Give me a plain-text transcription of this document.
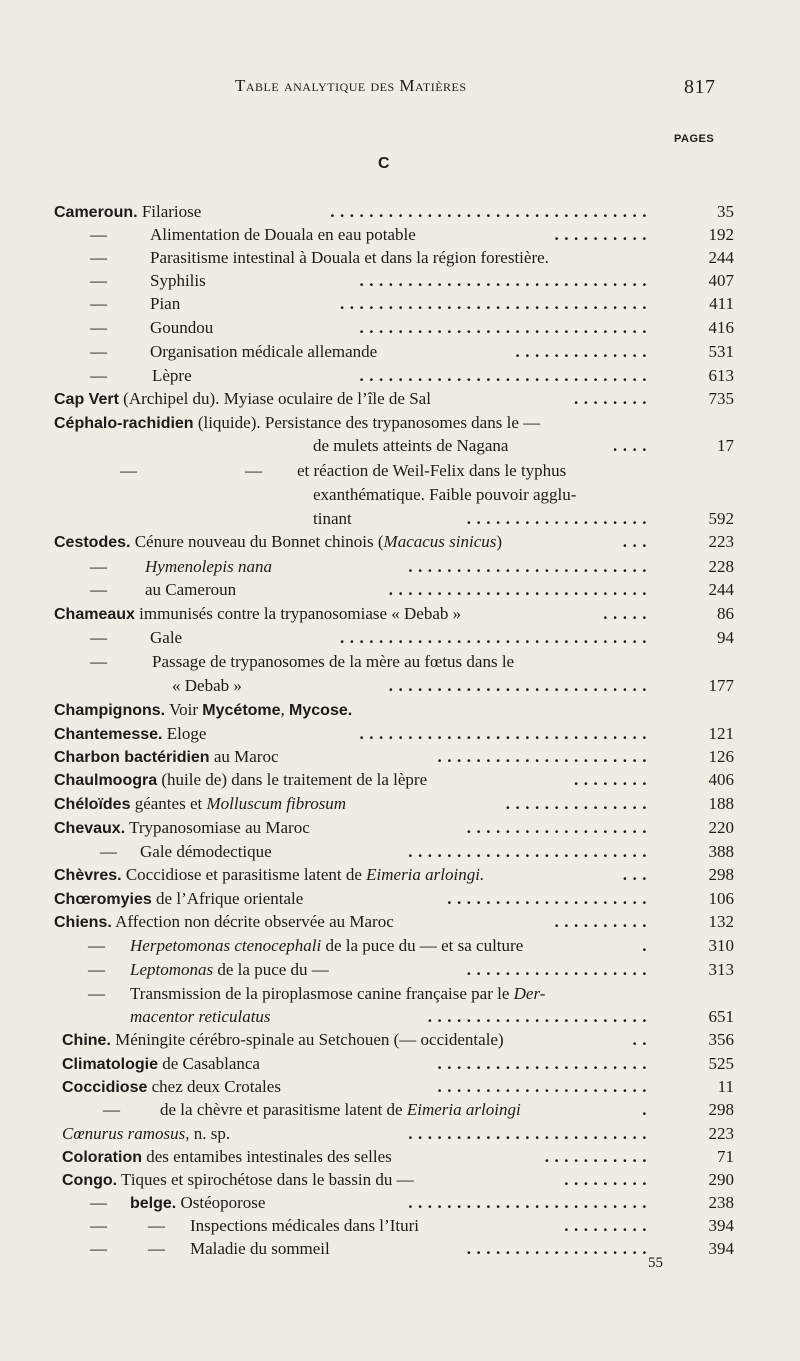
Table analytique des Matières	817
PAGES
C
Cameroun. Filariose	.................................	35
—	Alimentation de Douala en eau potable	..........	192
—	Parasitisme intestinal à Douala et dans la région forestière.	244
—	Syphilis	..............................	407
—	Pian	................................	411
—	Goundou	..............................	416
—	Organisation médicale allemande	..............	531
—	Lèpre	..............................	613
Cap Vert (Archipel du). Myiase oculaire de l’île de Sal	........	735
Céphalo-rachidien (liquide). Persistance des trypanosomes dans le —
de mulets atteints de Nagana	....	17
—	— et réaction de Weil-Felix dans le typhus
exanthématique. Faible pouvoir agglu-
tinant	...................	592
Cestodes. Cénure nouveau du Bonnet chinois (Macacus sinicus)	...	223
— Hymenolepis nana	.........................	228
— au Cameroun	...........................	244
Chameaux immunisés contre la trypanosomiase « Debab »	.....	86
—	Gale	................................	94
—	Passage de trypanosomes de la mère au fœtus dans le
« Debab »	...........................	177
Champignons. Voir Mycétome, Mycose.
Chantemesse. Eloge	..............................	121
Charbon bactéridien au Maroc	......................	126
Chaulmoogra (huile de) dans le traitement de la lèpre	........	406
Chéloïdes géantes et Molluscum fibrosum	...............	188
Chevaux. Trypanosomiase au Maroc	...................	220
— Gale démodectique	.........................	388
Chèvres. Coccidiose et parasitisme latent de Eimeria arloingi.	...	298
Chœromyies de l’Afrique orientale	.....................	106
Chiens. Affection non décrite observée au Maroc	..........	132
— Herpetomonas ctenocephali de la puce du — et sa culture	.	310
— Leptomonas de la puce du —	...................	313
— Transmission de la piroplasmose canine française par le Der-
macentor reticulatus	.......................	651
Chine. Méningite cérébro-spinale au Setchouen (— occidentale)	..	356
Climatologie de Casablanca	......................	525
Coccidiose chez deux Crotales	......................	11
— de la chèvre et parasitisme latent de Eimeria arloingi	.	298
Cœnurus ramosus, n. sp.	.........................	223
Coloration des entamibes intestinales des selles	...........	71
Congo. Tiques et spirochétose dans le bassin du —	.........	290
— belge. Ostéoporose	.........................	238
— — Inspections médicales dans l’Ituri	.........	394
— — Maladie du sommeil	...................	394
55
